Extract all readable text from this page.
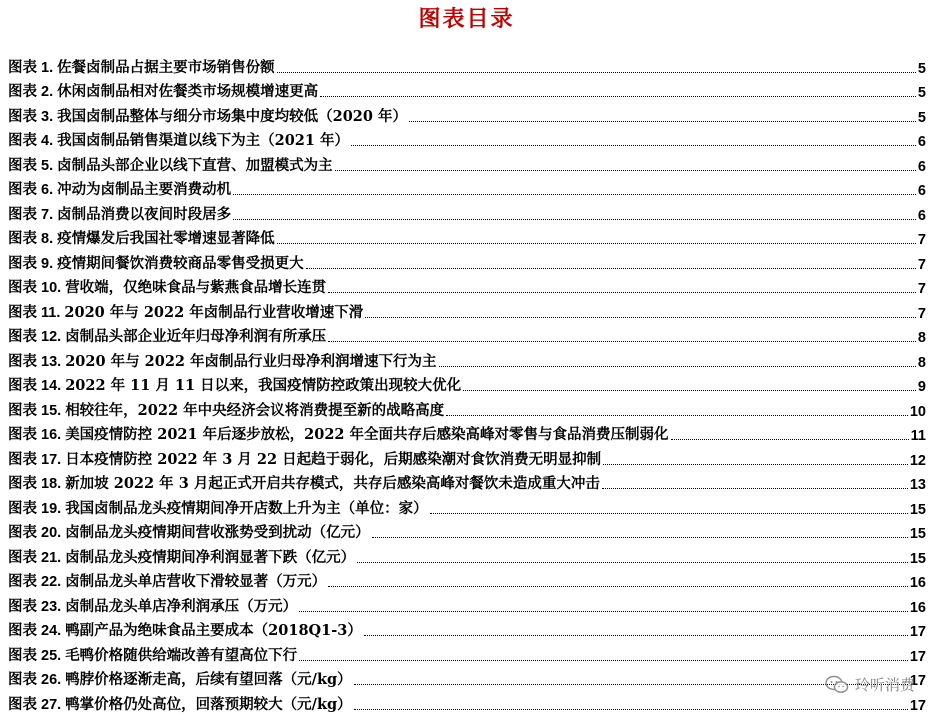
图表目录
图表 1. 佐餐卤制品占据主要市场销售份额	5
图表 2. 休闲卤制品相对佐餐类市场规模增速更高	5
图表 3. 我国卤制品整体与细分市场集中度均较低（2020 年）	5
图表 4. 我国卤制品销售渠道以线下为主（2021 年）	6
图表 5. 卤制品头部企业以线下直营、加盟模式为主	6
图表 6. 冲动为卤制品主要消费动机	6
图表 7. 卤制品消费以夜间时段居多	6
图表 8. 疫情爆发后我国社零增速显著降低	7
图表 9. 疫情期间餐饮消费较商品零售受损更大	7
图表 10. 营收端，仅绝味食品与紫燕食品增长连贯	7
图表 11. 2020 年与 2022 年卤制品行业营收增速下滑	7
图表 12. 卤制品头部企业近年归母净利润有所承压	8
图表 13. 2020 年与 2022 年卤制品行业归母净利润增速下行为主	8
图表 14. 2022 年 11 月 11 日以来，我国疫情防控政策出现较大优化	9
图表 15. 相较往年，2022 年中央经济会议将消费提至新的战略高度	10
图表 16. 美国疫情防控 2021 年后逐步放松，2022 年全面共存后感染高峰对零售与食品消费压制弱化	11
图表 17. 日本疫情防控 2022 年 3 月 22 日起趋于弱化，后期感染潮对食饮消费无明显抑制	12
图表 18. 新加坡 2022 年 3 月起正式开启共存模式，共存后感染高峰对餐饮未造成重大冲击	13
图表 19. 我国卤制品龙头疫情期间净开店数上升为主（单位：家）	15
图表 20. 卤制品龙头疫情期间营收涨势受到扰动（亿元）	15
图表 21. 卤制品龙头疫情期间净利润显著下跌（亿元）	15
图表 22. 卤制品龙头单店营收下滑较显著（万元）	16
图表 23. 卤制品龙头单店净利润承压（万元）	16
图表 24. 鸭副产品为绝味食品主要成本（2018Q1-3）	17
图表 25. 毛鸭价格随供给端改善有望高位下行	17
图表 26. 鸭脖价格逐渐走高，后续有望回落（元/kg）	17
图表 27. 鸭掌价格仍处高位，回落预期较大（元/kg）	17
玲听消费
